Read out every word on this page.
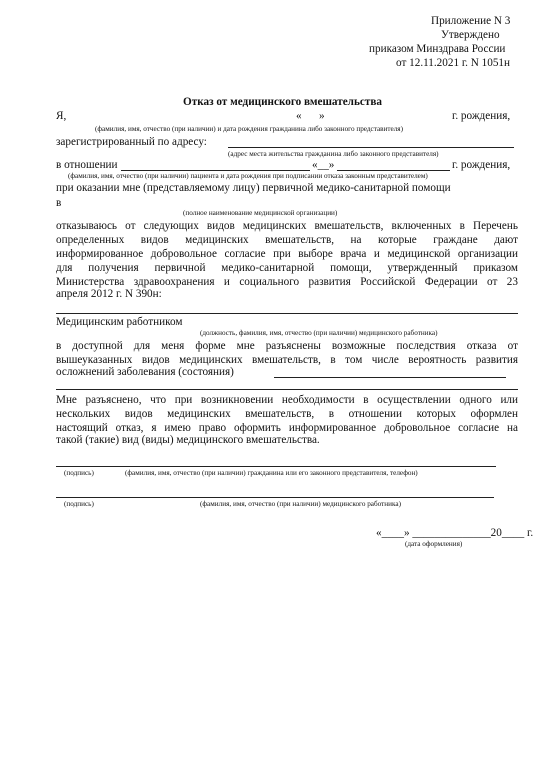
Приложение N 3
Утверждено
приказом Минздрава России
от 12.11.2021 г. N 1051н
Отказ от медицинского вмешательства
Я,	« »	г. рождения,
(фамилия, имя, отчество (при наличии) и дата рождения гражданина либо законного представителя)
зарегистрированный по адресу:
(адрес места жительства гражданина либо законного представителя)
в отношении	«__»	г. рождения,
(фамилия, имя, отчество (при наличии) пациента и дата рождения при подписании отказа законным представителем)
при оказании мне (представляемому лицу) первичной медико-санитарной помощи
в
(полное наименование медицинской организации)
отказываюсь от следующих видов медицинских вмешательств, включенных в Перечень
определенных видов медицинских вмешательств, на которые граждане дают
информированное добровольное согласие при выборе врача и медицинской организации
для получения первичной медико-санитарной помощи, утвержденный приказом
Министерства здравоохранения и социального развития Российской Федерации от 23
апреля 2012 г. N 390н:
Медицинским работником
(должность, фамилия, имя, отчество (при наличии) медицинского работника)
в доступной для меня форме мне разъяснены возможные последствия отказа от
вышеуказанных видов медицинских вмешательств, в том числе вероятность развития
осложнений заболевания (состояния)
Мне разъяснено, что при возникновении необходимости в осуществлении одного или
нескольких видов медицинских вмешательств, в отношении которых оформлен
настоящий отказ, я имею право оформить информированное добровольное согласие на
такой (такие) вид (виды) медицинского вмешательства.
(подпись)	(фамилия, имя, отчество (при наличии) гражданина или его законного представителя, телефон)
(подпись)	(фамилия, имя, отчество (при наличии) медицинского работника)
«____» ______________20____ г.
(дата оформления)
